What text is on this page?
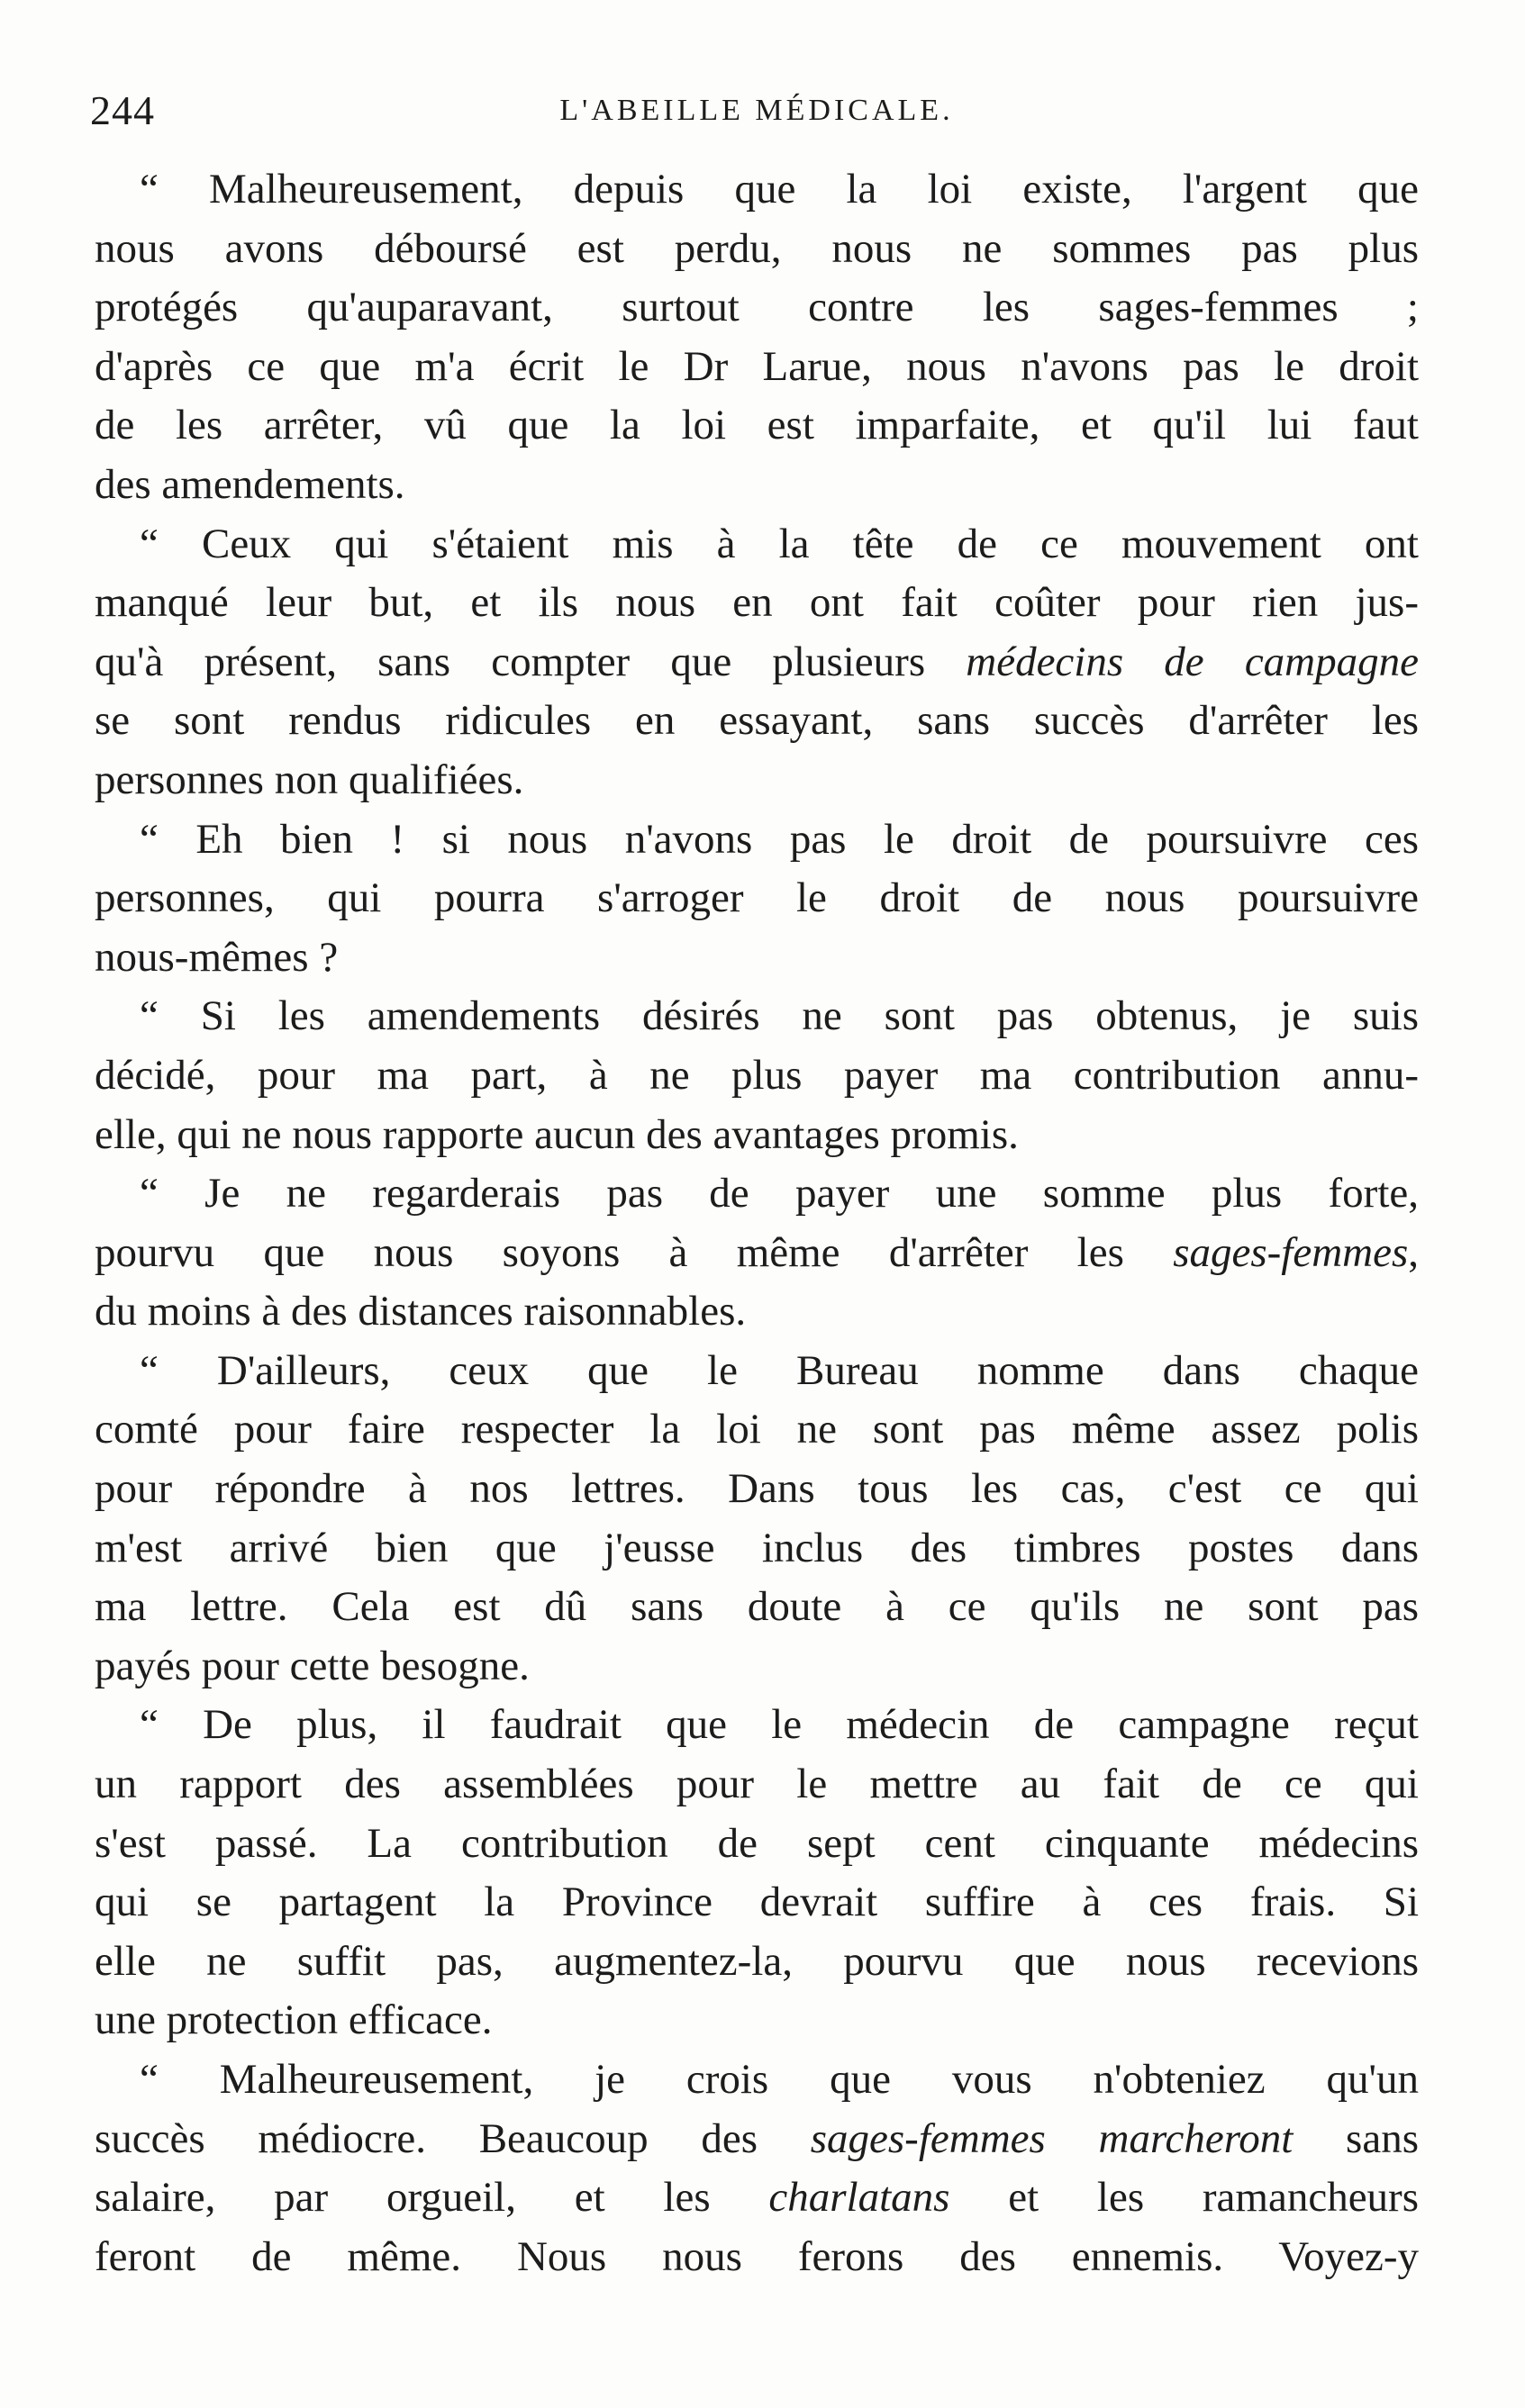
244	L'ABEILLE MÉDICALE.
“ Malheureusement, depuis que la loi existe, l'argent que
nous avons déboursé est perdu, nous ne sommes pas plus
protégés qu'auparavant, surtout contre les sages-femmes ;
d'après ce que m'a écrit le Dr Larue, nous n'avons pas le droit
de les arrêter, vû que la loi est imparfaite, et qu'il lui faut
des amendements.
“ Ceux qui s'étaient mis à la tête de ce mouvement ont
manqué leur but, et ils nous en ont fait coûter pour rien jus-
qu'à présent, sans compter que plusieurs médecins de campagne
se sont rendus ridicules en essayant, sans succès d'arrêter les
personnes non qualifiées.
“ Eh bien ! si nous n'avons pas le droit de poursuivre ces
personnes, qui pourra s'arroger le droit de nous poursuivre
nous-mêmes ?
“ Si les amendements désirés ne sont pas obtenus, je suis
décidé, pour ma part, à ne plus payer ma contribution annu-
elle, qui ne nous rapporte aucun des avantages promis.
“ Je ne regarderais pas de payer une somme plus forte,
pourvu que nous soyons à même d'arrêter les sages-femmes,
du moins à des distances raisonnables.
“ D'ailleurs, ceux que le Bureau nomme dans chaque
comté pour faire respecter la loi ne sont pas même assez polis
pour répondre à nos lettres. Dans tous les cas, c'est ce qui
m'est arrivé bien que j'eusse inclus des timbres postes dans
ma lettre. Cela est dû sans doute à ce qu'ils ne sont pas
payés pour cette besogne.
“ De plus, il faudrait que le médecin de campagne reçut
un rapport des assemblées pour le mettre au fait de ce qui
s'est passé. La contribution de sept cent cinquante médecins
qui se partagent la Province devrait suffire à ces frais. Si
elle ne suffit pas, augmentez-la, pourvu que nous recevions
une protection efficace.
“ Malheureusement, je crois que vous n'obteniez qu'un
succès médiocre. Beaucoup des sages-femmes marcheront sans
salaire, par orgueil, et les charlatans et les ramancheurs
feront de même. Nous nous ferons des ennemis. Voyez-y
